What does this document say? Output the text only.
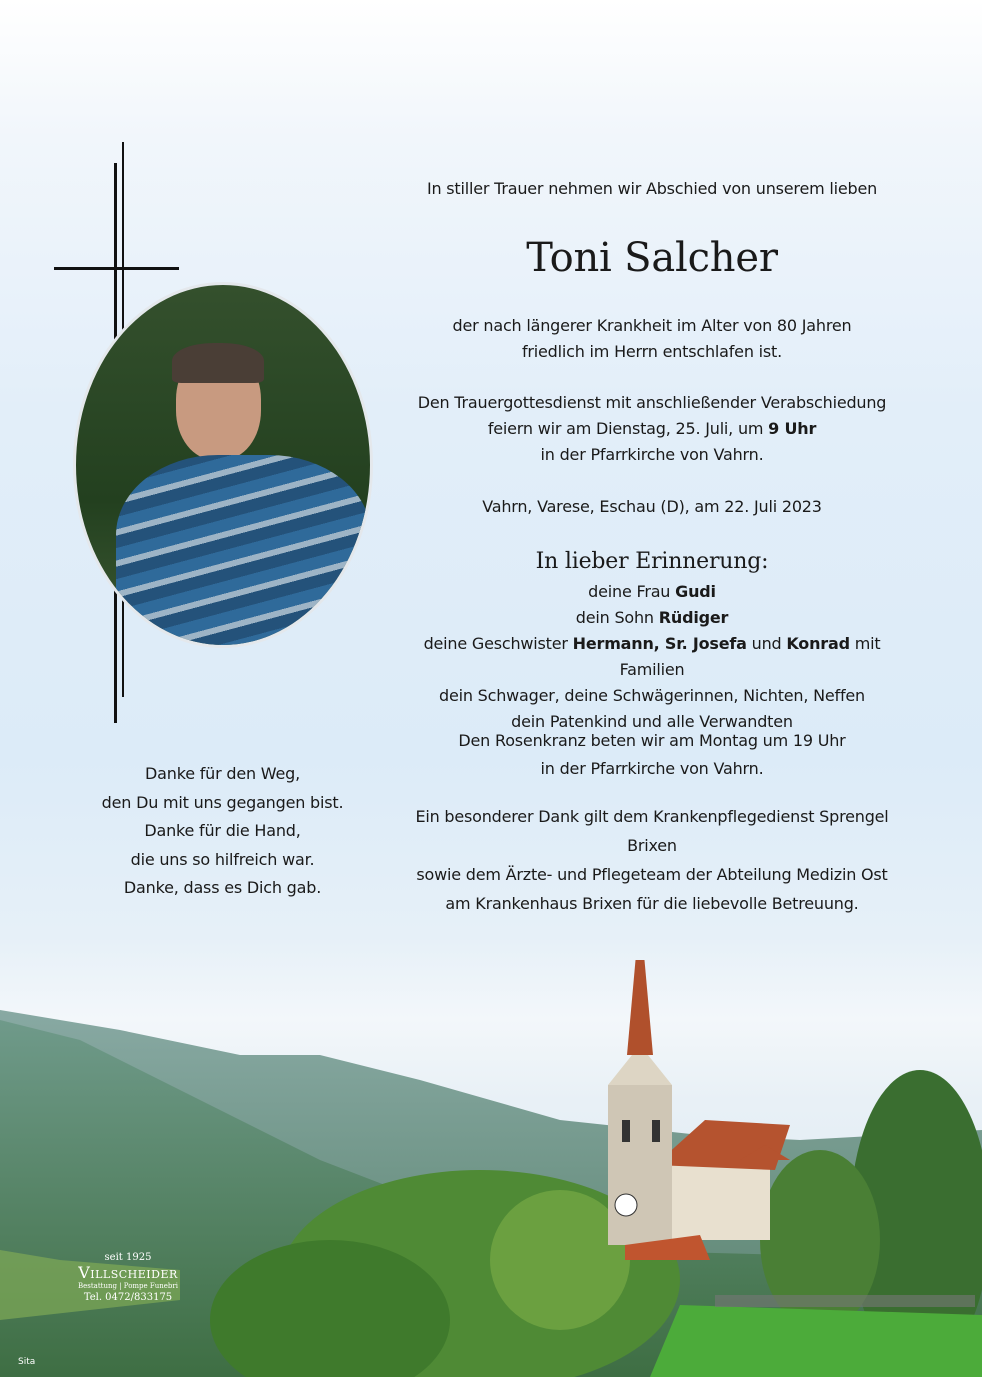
In stiller Trauer nehmen wir Abschied von unserem lieben
Toni Salcher
der nach längerer Krankheit im Alter von 80 Jahren
friedlich im Herrn entschlafen ist.
Den Trauergottesdienst mit anschließender Verabschiedung
feiern wir am Dienstag, 25. Juli, um 9 Uhr
in der Pfarrkirche von Vahrn.
Vahrn, Varese, Eschau (D), am 22. Juli 2023
In lieber Erinnerung:
deine Frau Gudi
dein Sohn Rüdiger
deine Geschwister Hermann, Sr. Josefa und Konrad mit Familien
dein Schwager, deine Schwägerinnen, Nichten, Neffen
dein Patenkind und alle Verwandten
Den Rosenkranz beten wir am Montag um 19 Uhr
in der Pfarrkirche von Vahrn.
Ein besonderer Dank gilt dem Krankenpflegedienst Sprengel Brixen
sowie dem Ärzte- und Pflegeteam der Abteilung Medizin Ost
am Krankenhaus Brixen für die liebevolle Betreuung.
Danke für den Weg,
den Du mit uns gegangen bist.
Danke für die Hand,
die uns so hilfreich war.
Danke, dass es Dich gab.
seit 1925
Villscheider
Bestattung | Pompe Funebri
Tel. 0472/833175
Sita
